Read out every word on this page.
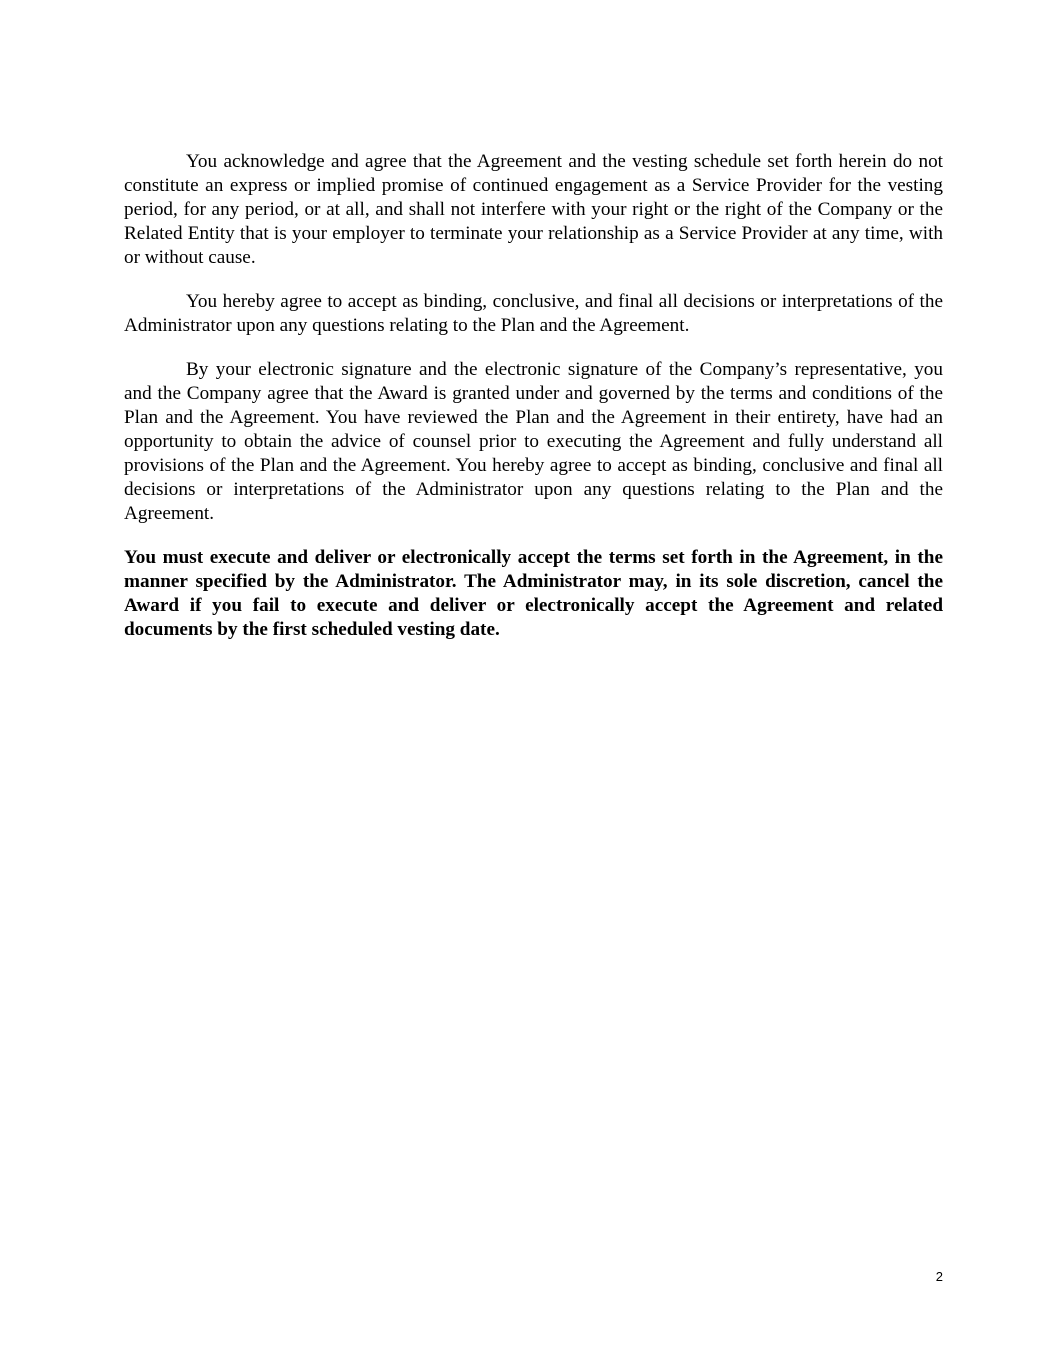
You acknowledge and agree that the Agreement and the vesting schedule set forth herein do not constitute an express or implied promise of continued engagement as a Service Provider for the vesting period, for any period, or at all, and shall not interfere with your right or the right of the Company or the Related Entity that is your employer to terminate your relationship as a Service Provider at any time, with or without cause.

You hereby agree to accept as binding, conclusive, and final all decisions or interpretations of the Administrator upon any questions relating to the Plan and the Agreement.

By your electronic signature and the electronic signature of the Company’s representative, you and the Company agree that the Award is granted under and governed by the terms and conditions of the Plan and the Agreement. You have reviewed the Plan and the Agreement in their entirety, have had an opportunity to obtain the advice of counsel prior to executing the Agreement and fully understand all provisions of the Plan and the Agreement. You hereby agree to accept as binding, conclusive and final all decisions or interpretations of the Administrator upon any questions relating to the Plan and the Agreement.

You must execute and deliver or electronically accept the terms set forth in the Agreement, in the manner specified by the Administrator. The Administrator may, in its sole discretion, cancel the Award if you fail to execute and deliver or electronically accept the Agreement and related documents by the first scheduled vesting date.

2
